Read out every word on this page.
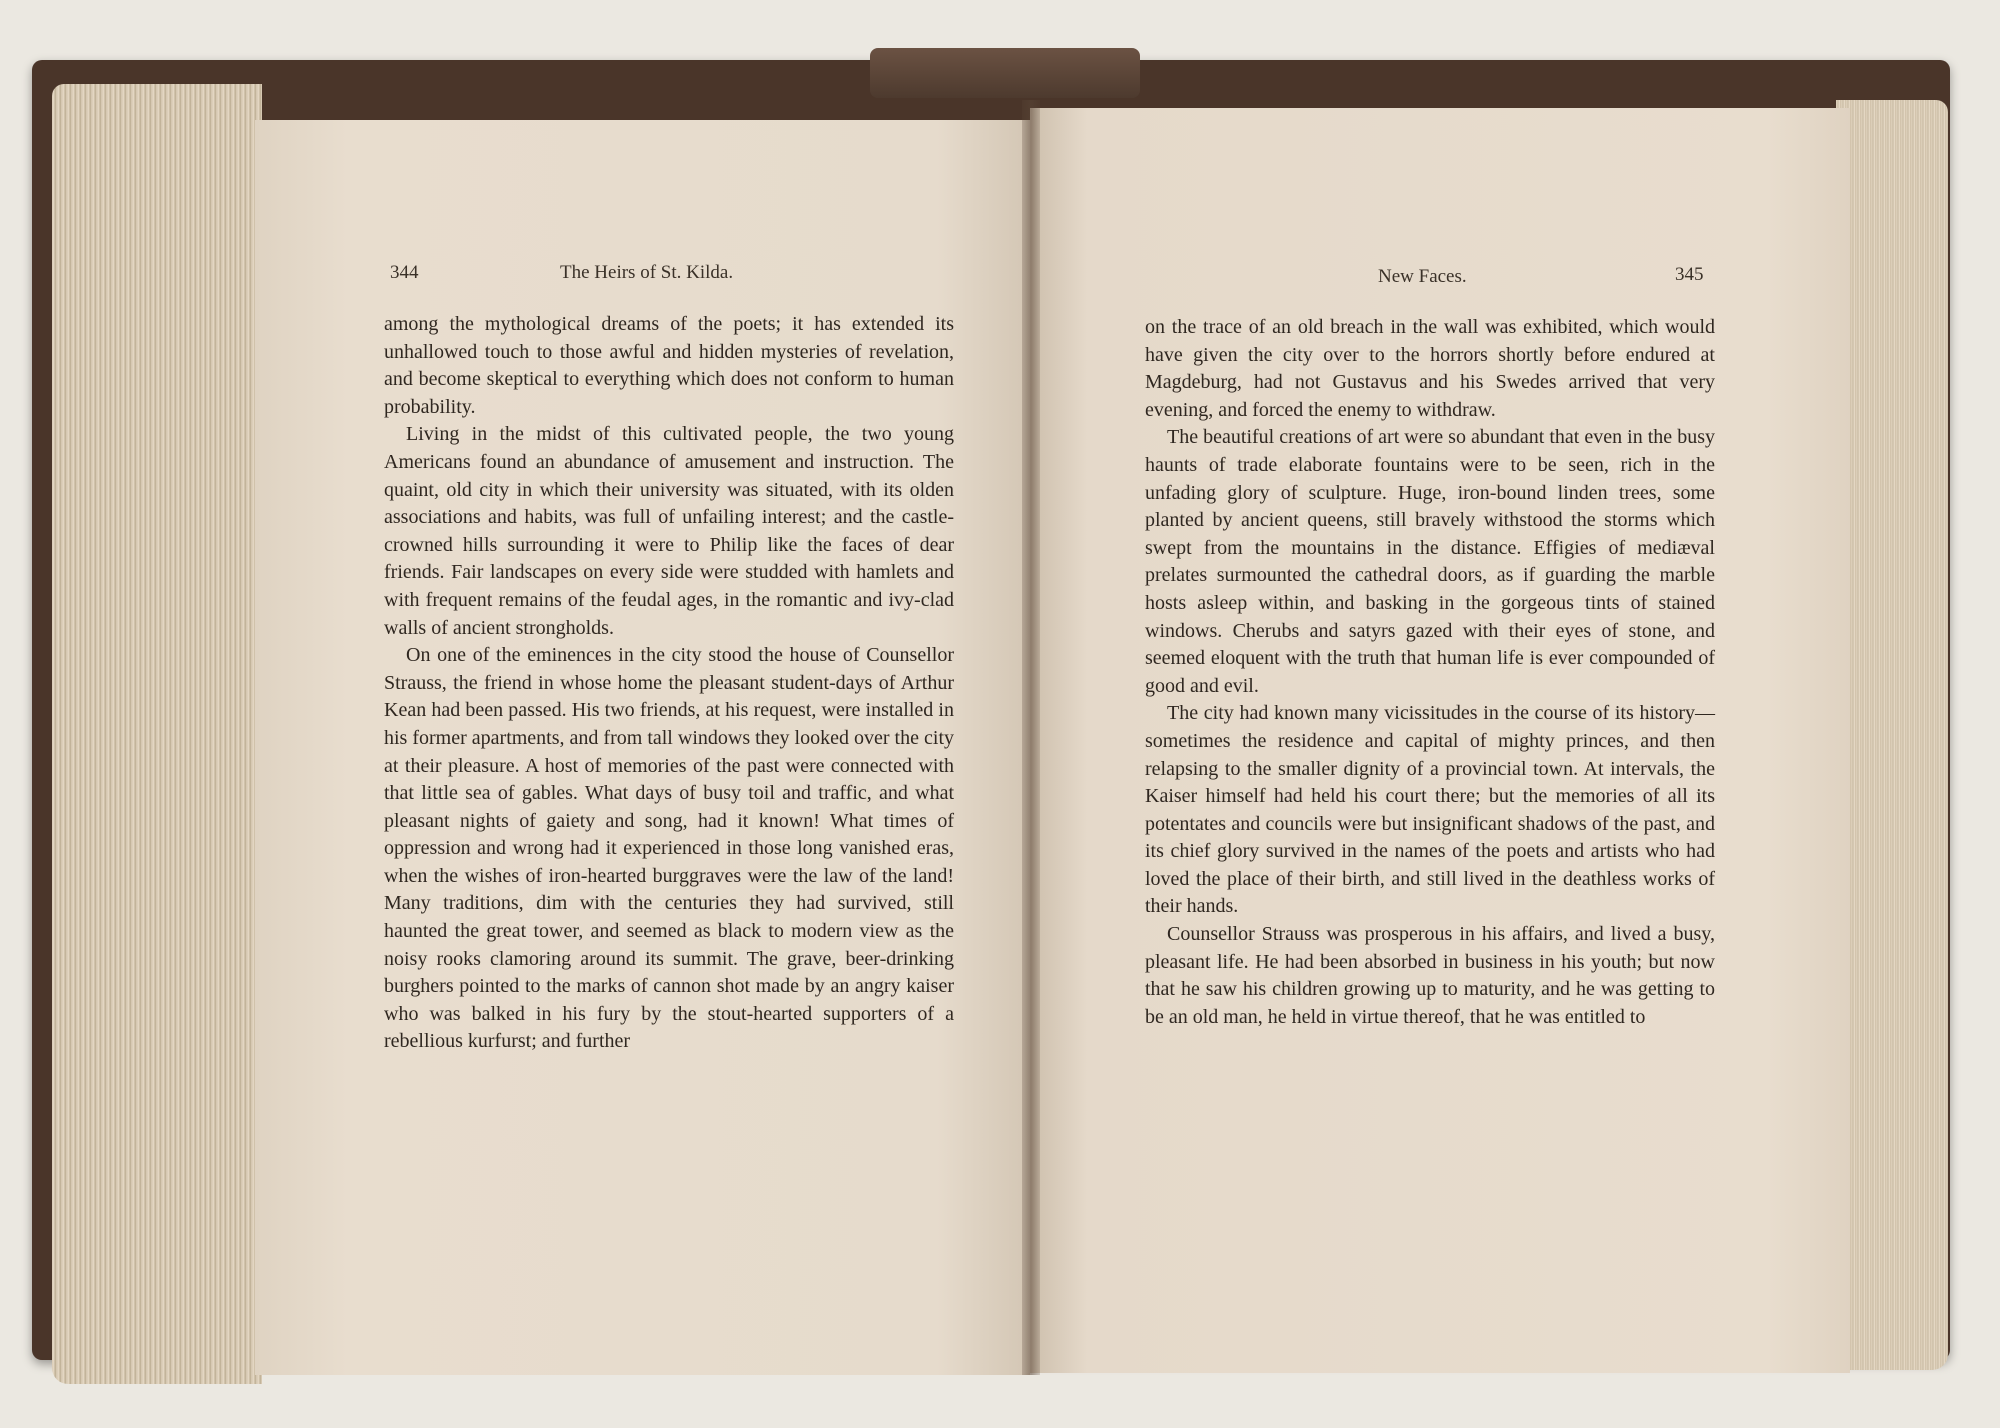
344	The Heirs of St. Kilda.	New Faces.	345

among the mythological dreams of the poets; it has extended its unhallowed touch to those awful and hidden mysteries of revelation, and become skeptical to everything which does not conform to human probability.

Living in the midst of this cultivated people, the two young Americans found an abundance of amusement and instruction. The quaint, old city in which their university was situated, with its olden associations and habits, was full of unfailing interest; and the castle-crowned hills surrounding it were to Philip like the faces of dear friends. Fair landscapes on every side were studded with hamlets and with frequent remains of the feudal ages, in the romantic and ivy-clad walls of ancient strongholds.

On one of the eminences in the city stood the house of Counsellor Strauss, the friend in whose home the pleasant student-days of Arthur Kean had been passed. His two friends, at his request, were installed in his former apartments, and from tall windows they looked over the city at their pleasure. A host of memories of the past were connected with that little sea of gables. What days of busy toil and traffic, and what pleasant nights of gaiety and song, had it known! What times of oppression and wrong had it experienced in those long vanished eras, when the wishes of iron-hearted burggraves were the law of the land! Many traditions, dim with the centuries they had survived, still haunted the great tower, and seemed as black to modern view as the noisy rooks clamoring around its summit. The grave, beer-drinking burghers pointed to the marks of cannon shot made by an angry kaiser who was balked in his fury by the stout-hearted supporters of a rebellious kurfurst; and further

on the trace of an old breach in the wall was exhibited, which would have given the city over to the horrors shortly before endured at Magdeburg, had not Gustavus and his Swedes arrived that very evening, and forced the enemy to withdraw.

The beautiful creations of art were so abundant that even in the busy haunts of trade elaborate fountains were to be seen, rich in the unfading glory of sculpture. Huge, iron-bound linden trees, some planted by ancient queens, still bravely withstood the storms which swept from the mountains in the distance. Effigies of mediæval prelates surmounted the cathedral doors, as if guarding the marble hosts asleep within, and basking in the gorgeous tints of stained windows. Cherubs and satyrs gazed with their eyes of stone, and seemed eloquent with the truth that human life is ever compounded of good and evil.

The city had known many vicissitudes in the course of its history—sometimes the residence and capital of mighty princes, and then relapsing to the smaller dignity of a provincial town. At intervals, the Kaiser himself had held his court there; but the memories of all its potentates and councils were but insignificant shadows of the past, and its chief glory survived in the names of the poets and artists who had loved the place of their birth, and still lived in the deathless works of their hands.

Counsellor Strauss was prosperous in his affairs, and lived a busy, pleasant life. He had been absorbed in business in his youth; but now that he saw his children growing up to maturity, and he was getting to be an old man, he held in virtue thereof, that he was entitled to
